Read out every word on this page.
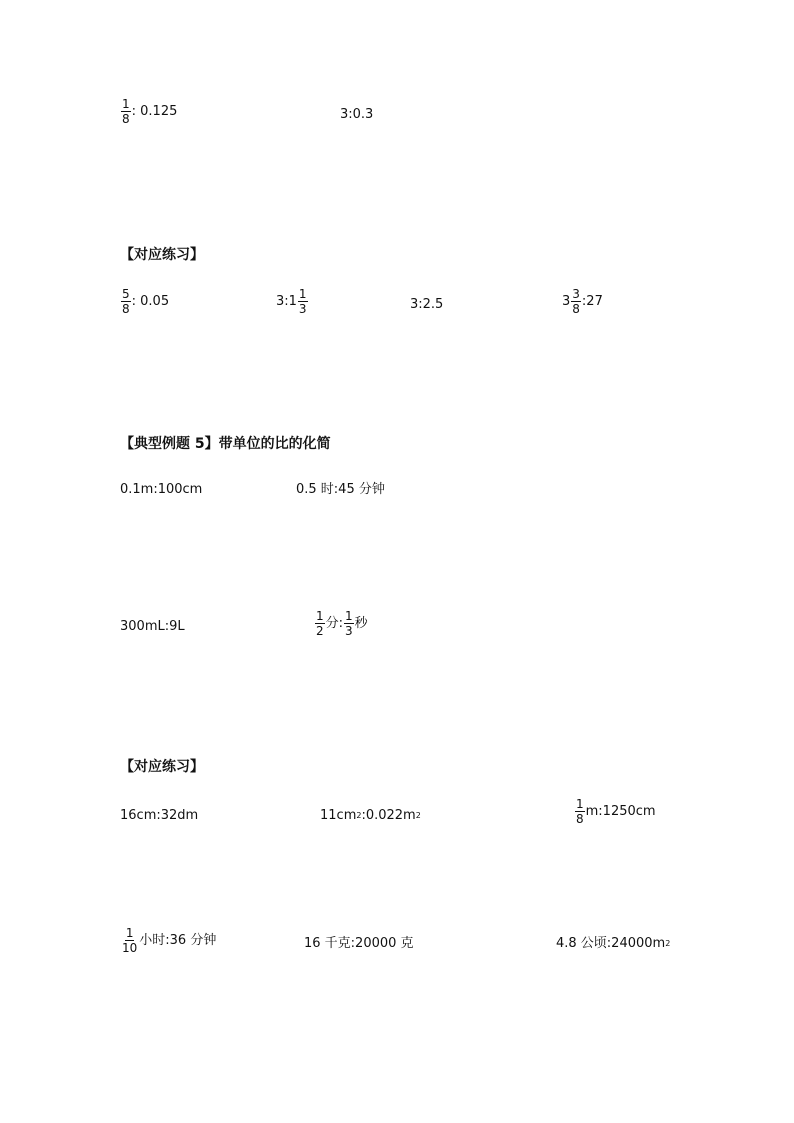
$\frac{1}{8}$ : 0.125	3:0.3
【对应练习】
$\frac{5}{8}$ : 0.05	3:1 $\frac{1}{3}$	3:2.5	$3 \frac{3}{8}$ :27
【典型例题 5】带单位的比的化简
0.1m:100cm	0.5 时:45 分钟
300mL:9L	$\frac{1}{2}$ 分: $\frac{1}{3}$ 秒
【对应练习】
16cm:32dm	11cm 2 :0.022m 2	$\frac{1}{8}$ m:1250cm
$\frac{1}{10}$ 小时:36 分钟	16 千克:20000 克	4.8 公顷:24000m 2
